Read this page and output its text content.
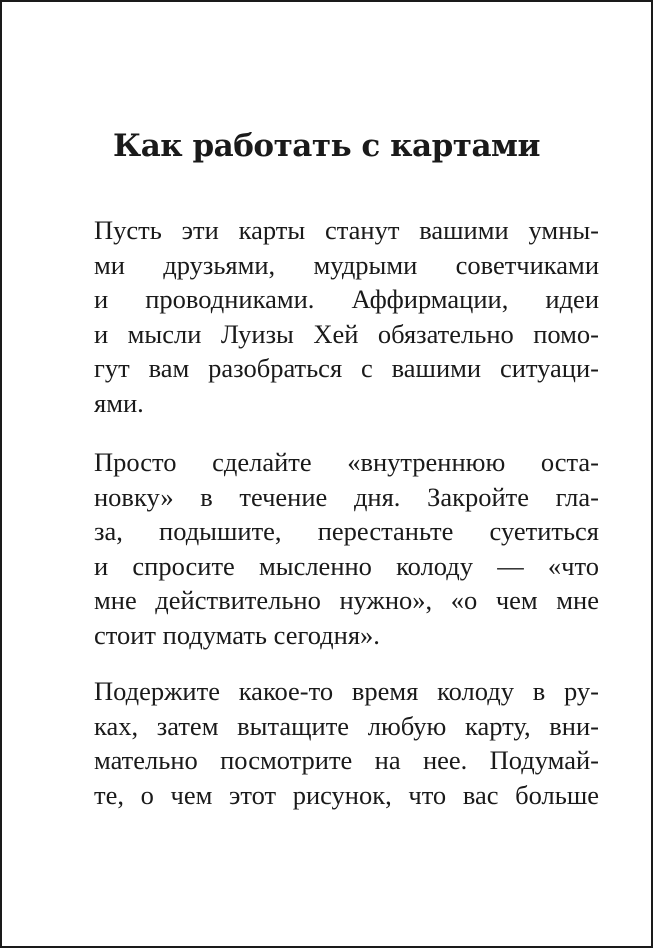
Как работать с картами
Пусть эти карты станут вашими умны-
ми друзьями, мудрыми советчиками
и проводниками. Аффирмации, идеи
и мысли Луизы Хей обязательно помо-
гут вам разобраться с вашими ситуаци-
ями.
Просто сделайте «внутреннюю оста-
новку» в течение дня. Закройте гла-
за, подышите, перестаньте суетиться
и спросите мысленно колоду — «что
мне действительно нужно», «о чем мне
стоит подумать сегодня».
Подержите какое-то время колоду в ру-
ках, затем вытащите любую карту, вни-
мательно посмотрите на нее. Подумай-
те, о чем этот рисунок, что вас больше
